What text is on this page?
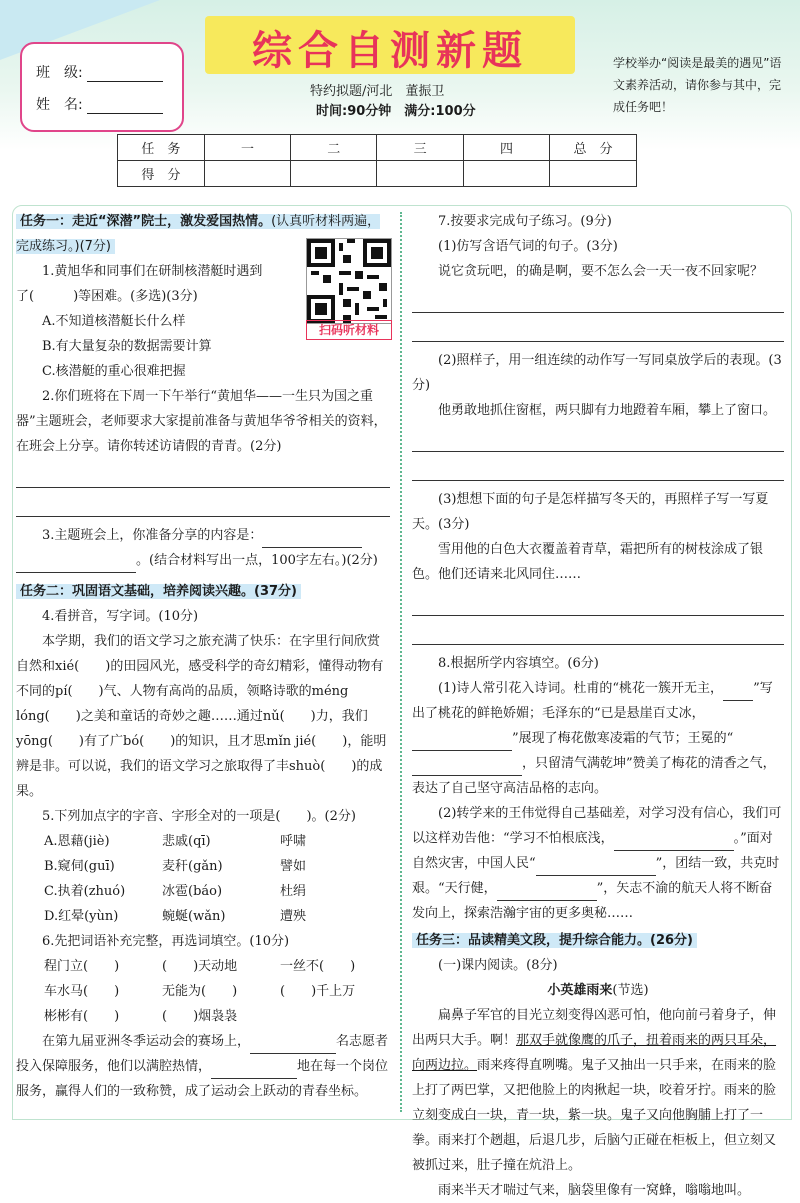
班　级:
姓　名:
综合自测新题
特约拟题/河北　董振卫
时间:90分钟　满分:100分
学校举办“阅读是最美的遇见”语文素养活动，请你参与其中，完成任务吧！
任　务	一	二	三	四	总　分
得　分					
扫码听材料

任务一：走近“深潜”院士，激发爱国热情。(认真听材料两遍，完成练习。)(7分)

1.黄旭华和同事们在研制核潜艇时遇到

了(　　　)等困难。(多选)(3分)

A.不知道核潜艇长什么样

B.有大量复杂的数据需要计算

C.核潜艇的重心很难把握

2.你们班将在下周一下午举行“黄旭华——一生只为国之重器”主题班会，老师要求大家提前准备与黄旭华爷爷相关的资料，在班会上分享。请你转述访请假的青青。(2分)

3.主题班会上，你准备分享的内容是：

。(结合材料写出一点，100字左右。)(2分)

任务二：巩固语文基础，培养阅读兴趣。(37分)

4.看拼音，写字词。(10分)

本学期，我们的语文学习之旅充满了快乐：在字里行间欣赏自然和xié(　　)的田园风光，感受科学的奇幻精彩，懂得动物有不同的pí(　　)气、人物有高尚的品质，领略诗歌的méng lóng(　　)之美和童话的奇妙之趣……通过nǔ(　　)力，我们yōng(　　)有了广bó(　　)的知识，且才思mǐn jié(　　)，能明辨是非。可以说，我们的语文学习之旅取得了丰shuò(　　)的成果。

5.下列加点字的字音、字形全对的一项是(　　)。(2分)

A.恩藉(jiè)	悲戚(qī)	呼啸
B.窥伺(guī)	麦秆(gǎn)	譬如
C.执着(zhuó)	冰雹(báo)	杜绢
D.红晕(yùn)	蜿蜒(wǎn)	遭殃

6.先把词语补充完整，再选词填空。(10分)

程门立(　　)	(　　)天动地	一丝不(　　)
车水马(　　)	无能为(　　)	(　　)千上万
彬彬有(　　)	(　　)烟袅袅

在第九届亚洲冬季运动会的赛场上，	名志愿者投入保障服务，他们以满腔热情，	地在每一个岗位服务，赢得人们的一致称赞，成了运动会上跃动的青春坐标。

7.按要求完成句子练习。(9分)

(1)仿写含语气词的句子。(3分)

说它贪玩吧，的确是啊，要不怎么会一天一夜不回家呢？

(2)照样子，用一组连续的动作写一写同桌放学后的表现。(3分)

他勇敢地抓住窗框，两只脚有力地蹬着车厢，攀上了窗口。

(3)想想下面的句子是怎样描写冬天的，再照样子写一写夏天。(3分)

雪用他的白色大衣覆盖着青草，霜把所有的树枝涂成了银色。他们还请来北风同住……

8.根据所学内容填空。(6分)

(1)诗人常引花入诗词。杜甫的“桃花一簇开无主， ”写出了桃花的鲜艳娇媚；毛泽东的“已是悬崖百丈冰，”展现了梅花傲寒凌霜的气节；王冕的“，只留清气满乾坤”赞美了梅花的清香之气，表达了自己坚守高洁品格的志向。

(2)转学来的王伟觉得自己基础差，对学习没有信心，我们可以这样劝告他：“学习不怕根底浅，	。”面对自然灾害，中国人民“	”，团结一致，共克时艰。“天行健，	”，矢志不渝的航天人将不断奋发向上，探索浩瀚宇宙的更多奥秘……

任务三：品读精美文段，提升综合能力。(26分)

(一)课内阅读。(8分)

小英雄雨来(节选)

扁鼻子军官的目光立刻变得凶恶可怕，他向前弓着身子，伸出两只大手。啊！那双手就像鹰的爪子，扭着雨来的两只耳朵，向两边拉。雨来疼得直咧嘴。鬼子又抽出一只手来，在雨来的脸上打了两巴掌，又把他脸上的肉揪起一块，咬着牙拧。雨来的脸立刻变成白一块，青一块，紫一块。鬼子又向他胸脯上打了一拳。雨来打个趔趄，后退几步，后脑勺正碰在柜板上，但立刻又被抓过来，肚子撞在炕沿上。

雨来半天才喘过气来，脑袋里像有一窝蜂，嗡嗡地叫。
